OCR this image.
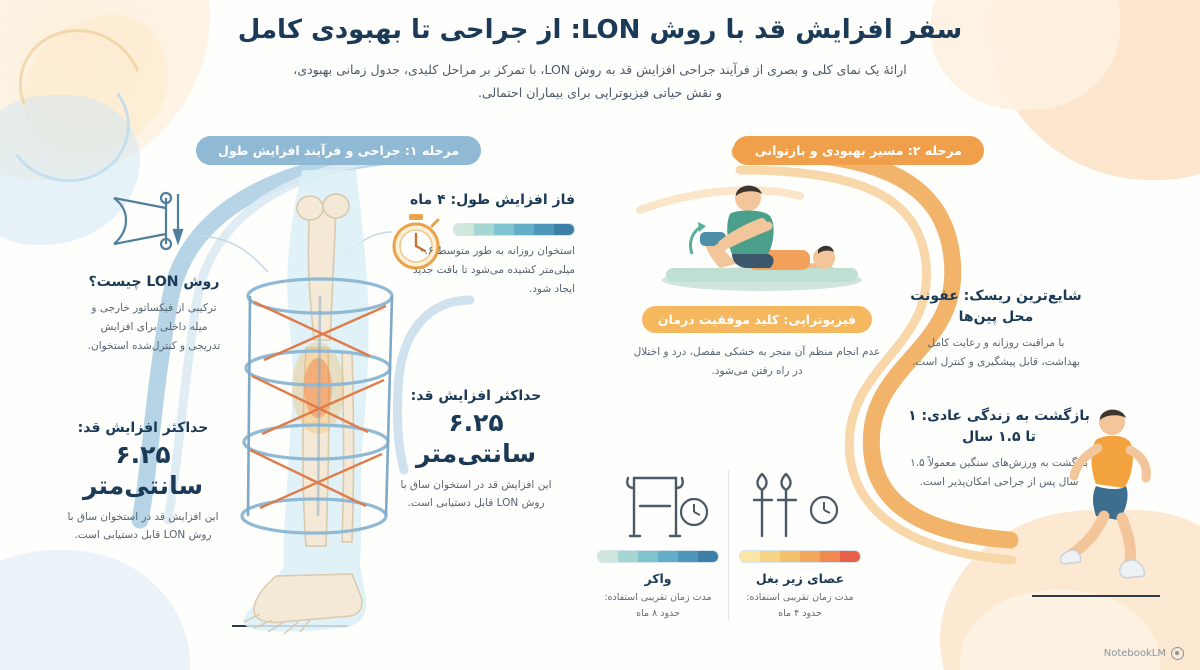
سفر افزایش قد با روش LON: از جراحی تا بهبودی کامل
ارائهٔ یک نمای کلی و بصری از فرآیند جراحی افزایش قد به روش LON، با تمرکز بر مراحل کلیدی، جدول زمانی بهبودی، و نقش حیاتی فیزیوتراپی برای بیماران احتمالی.
مرحله ۱: جراحی و فرآیند افزایش طول	مرحله ۲: مسیر بهبودی و بازتوانی
روش LON چیست؟
ترکیبی از فیکساتور خارجی و میله داخلی برای افزایش تدریجی و کنترل‌شده استخوان.
فاز افزایش طول: ۴ ماه
استخوان روزانه به طور متوسط ۰.۶ میلی‌متر کشیده می‌شود تا بافت جدید ایجاد شود.
حداکثر افزایش قد:
۶.۲۵ سانتی‌متر
این افزایش قد در استخوان ساق با روش LON قابل دستیابی است.
حداکثر افزایش قد:
۶.۲۵ سانتی‌متر
این افزایش قد در استخوان ساق با روش LON قابل دستیابی است.
واکر
مدت زمان تقریبی استفاده: حدود ۸ ماه
عصای زیر بغل
مدت زمان تقریبی استفاده: حدود ۴ ماه
فیزیوتراپی: کلید موفقیت درمان
عدم انجام منظم آن منجر به خشکی مفصل، درد و اختلال در راه رفتن می‌شود.
شایع‌ترین ریسک: عفونت محل پین‌ها
با مراقبت روزانه و رعایت کامل بهداشت، قابل پیشگیری و کنترل است.
بازگشت به زندگی عادی: ۱ تا ۱.۵ سال
بازگشت به ورزش‌های سنگین معمولاً ۱.۵ سال پس از جراحی امکان‌پذیر است.
NotebookLM
